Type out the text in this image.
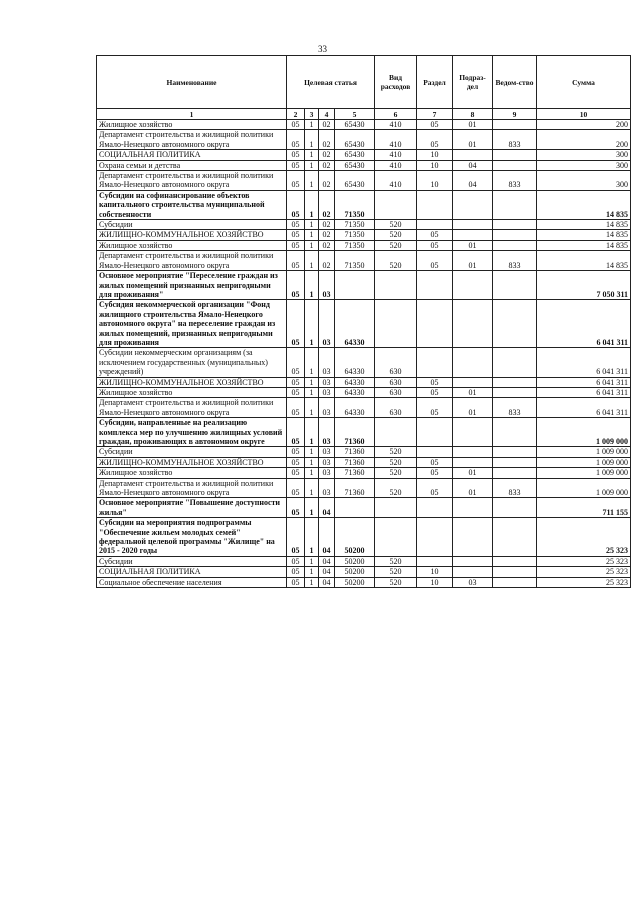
33
Наименование	Целевая статья				Вид расходов	Раздел	Подраз-дел	Ведом-ство	Сумма
1	2	3	4	5	6	7	8	9	10
Жилищное хозяйство	05	1	02	65430	410	05	01		200
Департамент строительства и жилищной политики Ямало-Ненецкого автономного округа	05	1	02	65430	410	05	01	833	200
СОЦИАЛЬНАЯ ПОЛИТИКА	05	1	02	65430	410	10			300
Охрана семьи и детства	05	1	02	65430	410	10	04		300
Департамент строительства и жилищной политики Ямало-Ненецкого автономного округа	05	1	02	65430	410	10	04	833	300
Субсидии на софинансирование объектов капитального строительства муниципальной собственности	05	1	02	71350					14 835
Субсидии	05	1	02	71350	520				14 835
ЖИЛИЩНО-КОММУНАЛЬНОЕ ХОЗЯЙСТВО	05	1	02	71350	520	05			14 835
Жилищное хозяйство	05	1	02	71350	520	05	01		14 835
Департамент строительства и жилищной политики Ямало-Ненецкого автономного округа	05	1	02	71350	520	05	01	833	14 835
Основное мероприятие "Переселение граждан из жилых помещений признанных непригодными для проживания"	05	1	03						7 050 311
Субсидия некоммерческой организации "Фонд жилищного строительства Ямало-Ненецкого автономного округа" на переселение граждан из жилых помещений, признанных непригодными для проживания	05	1	03	64330					6 041 311
Субсидии некоммерческим организациям (за исключением государственных (муниципальных) учреждений)	05	1	03	64330	630				6 041 311
ЖИЛИЩНО-КОММУНАЛЬНОЕ ХОЗЯЙСТВО	05	1	03	64330	630	05			6 041 311
Жилищное хозяйство	05	1	03	64330	630	05	01		6 041 311
Департамент строительства и жилищной политики Ямало-Ненецкого автономного округа	05	1	03	64330	630	05	01	833	6 041 311
Субсидии, направленные на реализацию комплекса мер по улучшению жилищных условий граждан, проживающих в автономном округе	05	1	03	71360					1 009 000
Субсидии	05	1	03	71360	520				1 009 000
ЖИЛИЩНО-КОММУНАЛЬНОЕ ХОЗЯЙСТВО	05	1	03	71360	520	05			1 009 000
Жилищное хозяйство	05	1	03	71360	520	05	01		1 009 000
Департамент строительства и жилищной политики Ямало-Ненецкого автономного округа	05	1	03	71360	520	05	01	833	1 009 000
Основное мероприятие "Повышение доступности жилья"	05	1	04						711 155
Субсидии на мероприятия подпрограммы "Обеспечение жильем молодых семей" федеральной целевой программы "Жилище" на 2015 - 2020 годы	05	1	04	50200					25 323
Субсидии	05	1	04	50200	520				25 323
СОЦИАЛЬНАЯ ПОЛИТИКА	05	1	04	50200	520	10			25 323
Социальное обеспечение населения	05	1	04	50200	520	10	03		25 323
